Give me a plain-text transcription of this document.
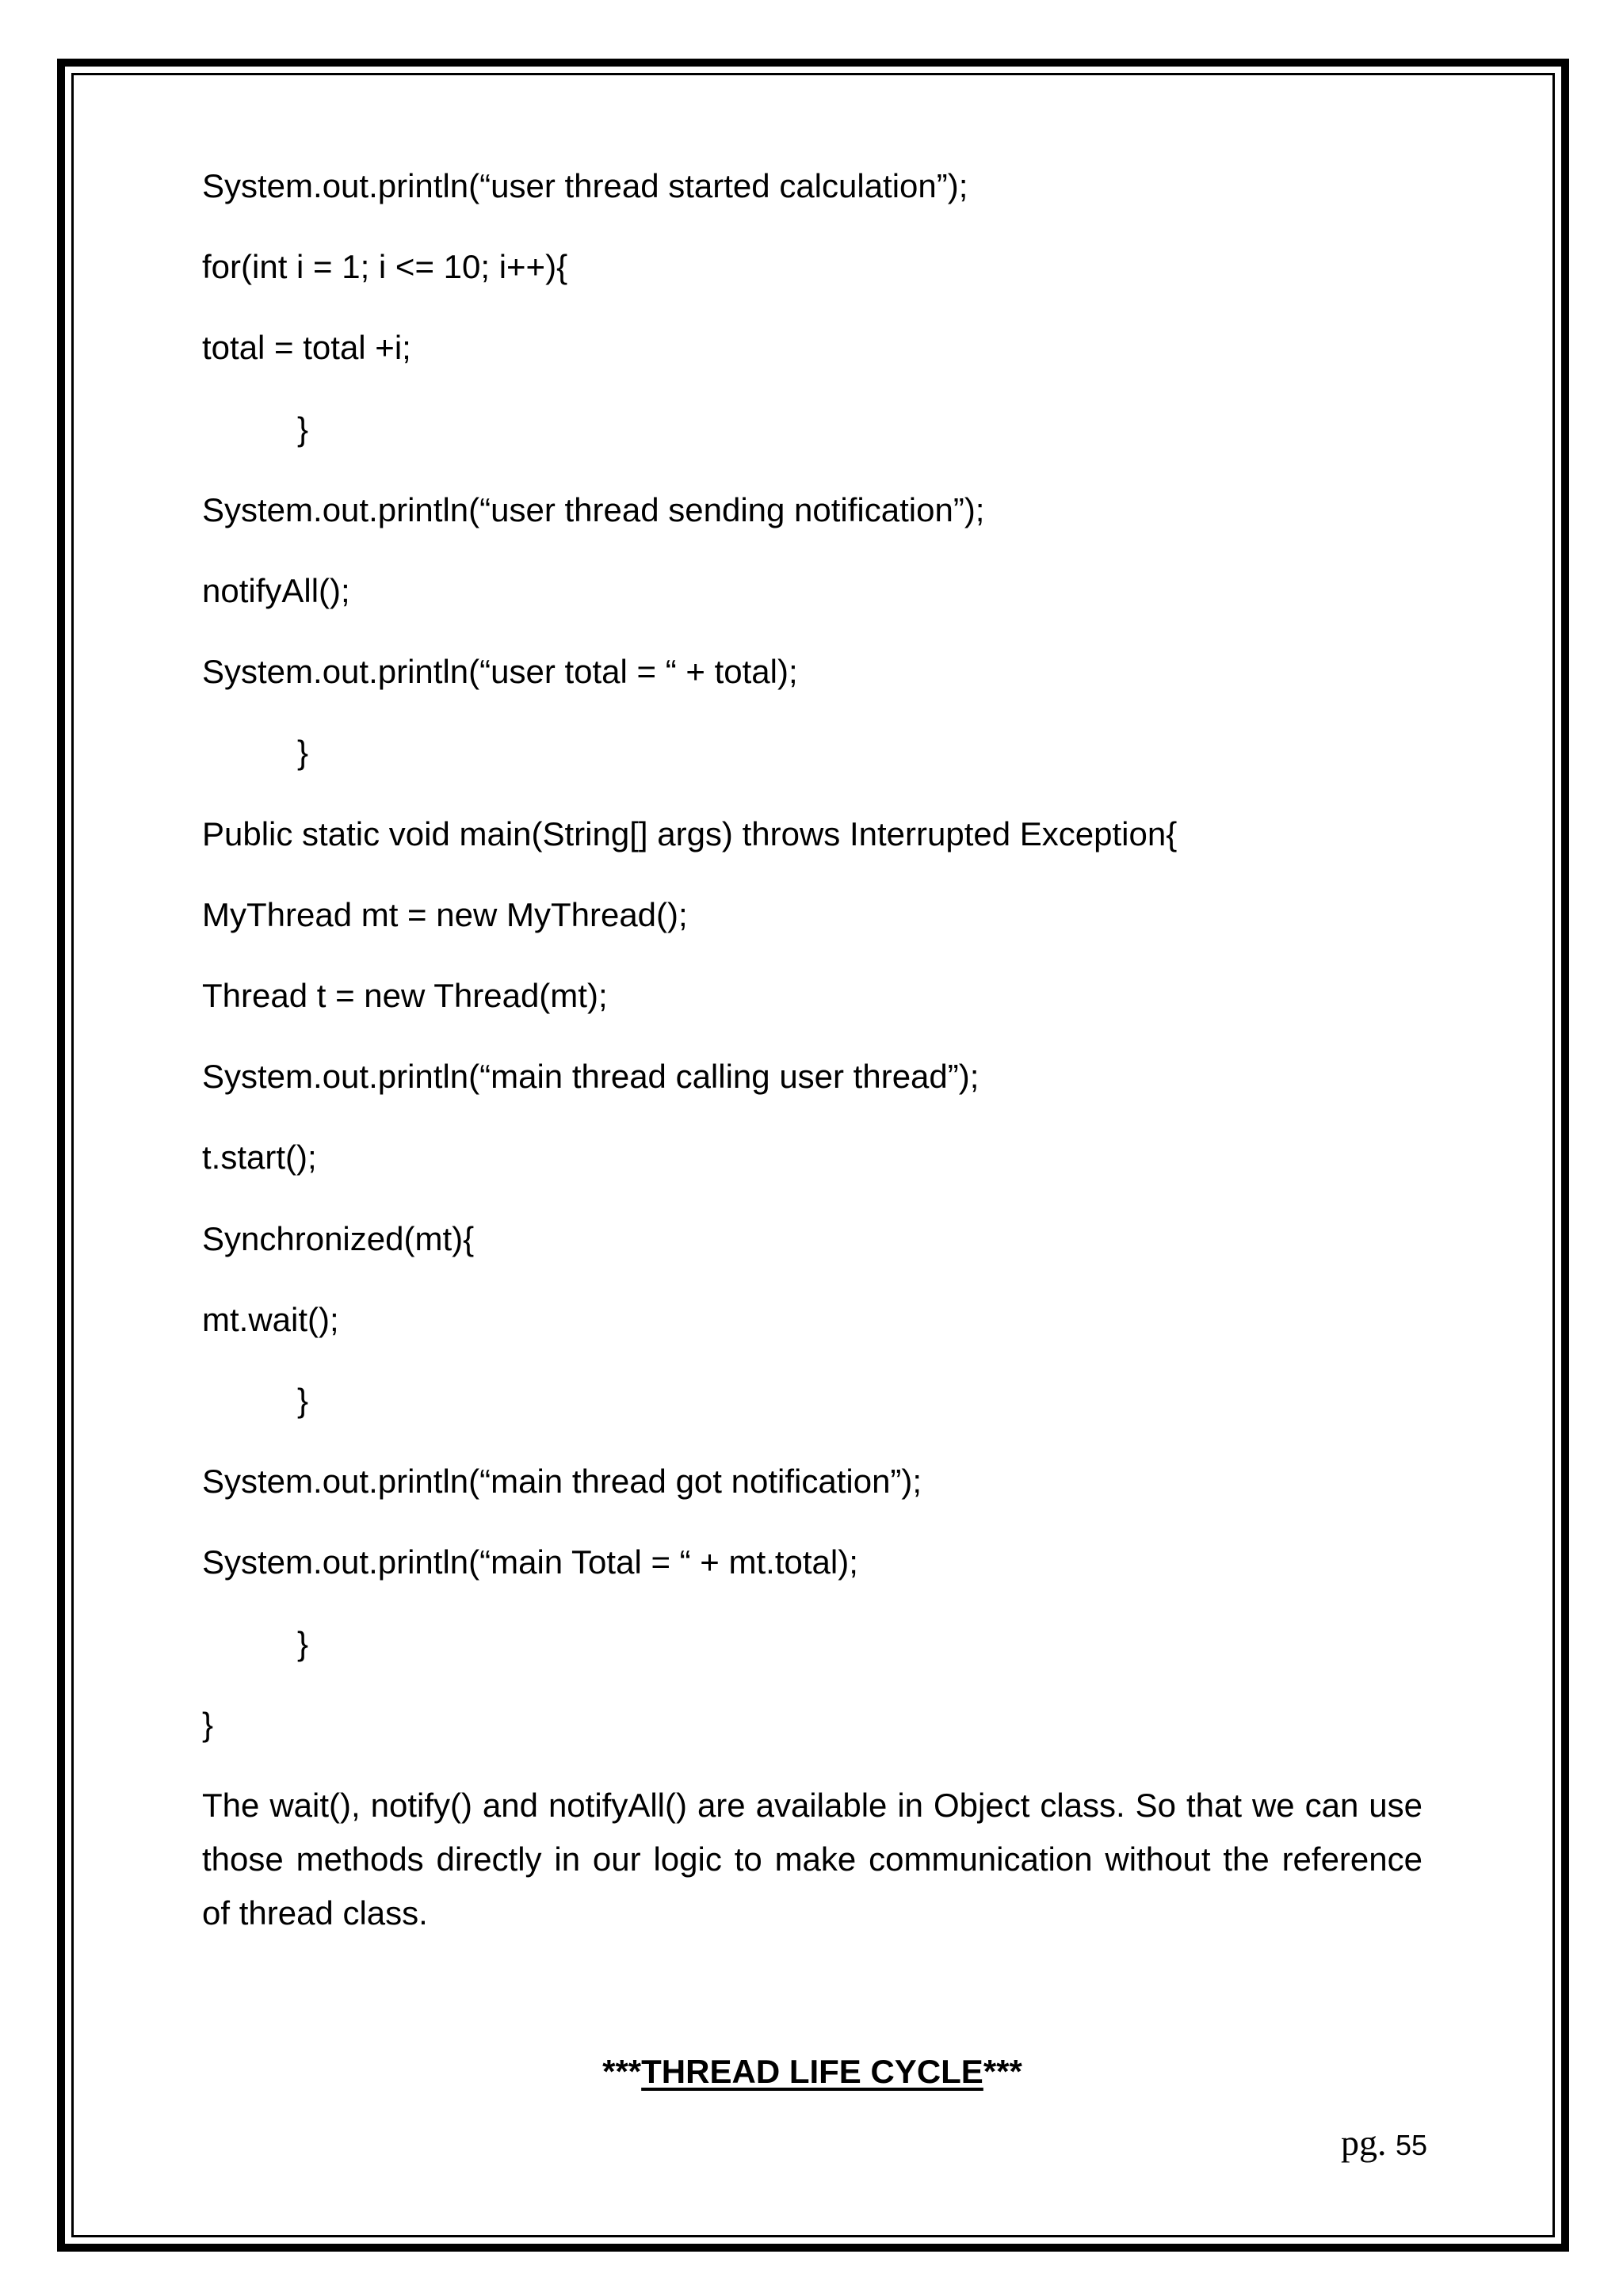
System.out.println(“user thread started calculation”);
for(int i = 1; i <= 10; i++){
total = total +i;
}
System.out.println(“user thread sending notification”);
notifyAll();
System.out.println(“user total = “ + total);
}
Public static void main(String[] args) throws Interrupted Exception{
MyThread mt = new MyThread();
Thread t = new Thread(mt);
System.out.println(“main thread calling user thread”);
t.start();
Synchronized(mt){
mt.wait();
}
System.out.println(“main thread got notification”);
System.out.println(“main Total = “ + mt.total);
}
}
The wait(), notify() and notifyAll() are available in Object class. So that we can use those methods directly in our logic to make communication without the reference of thread class.
***THREAD LIFE CYCLE***
pg. 55
